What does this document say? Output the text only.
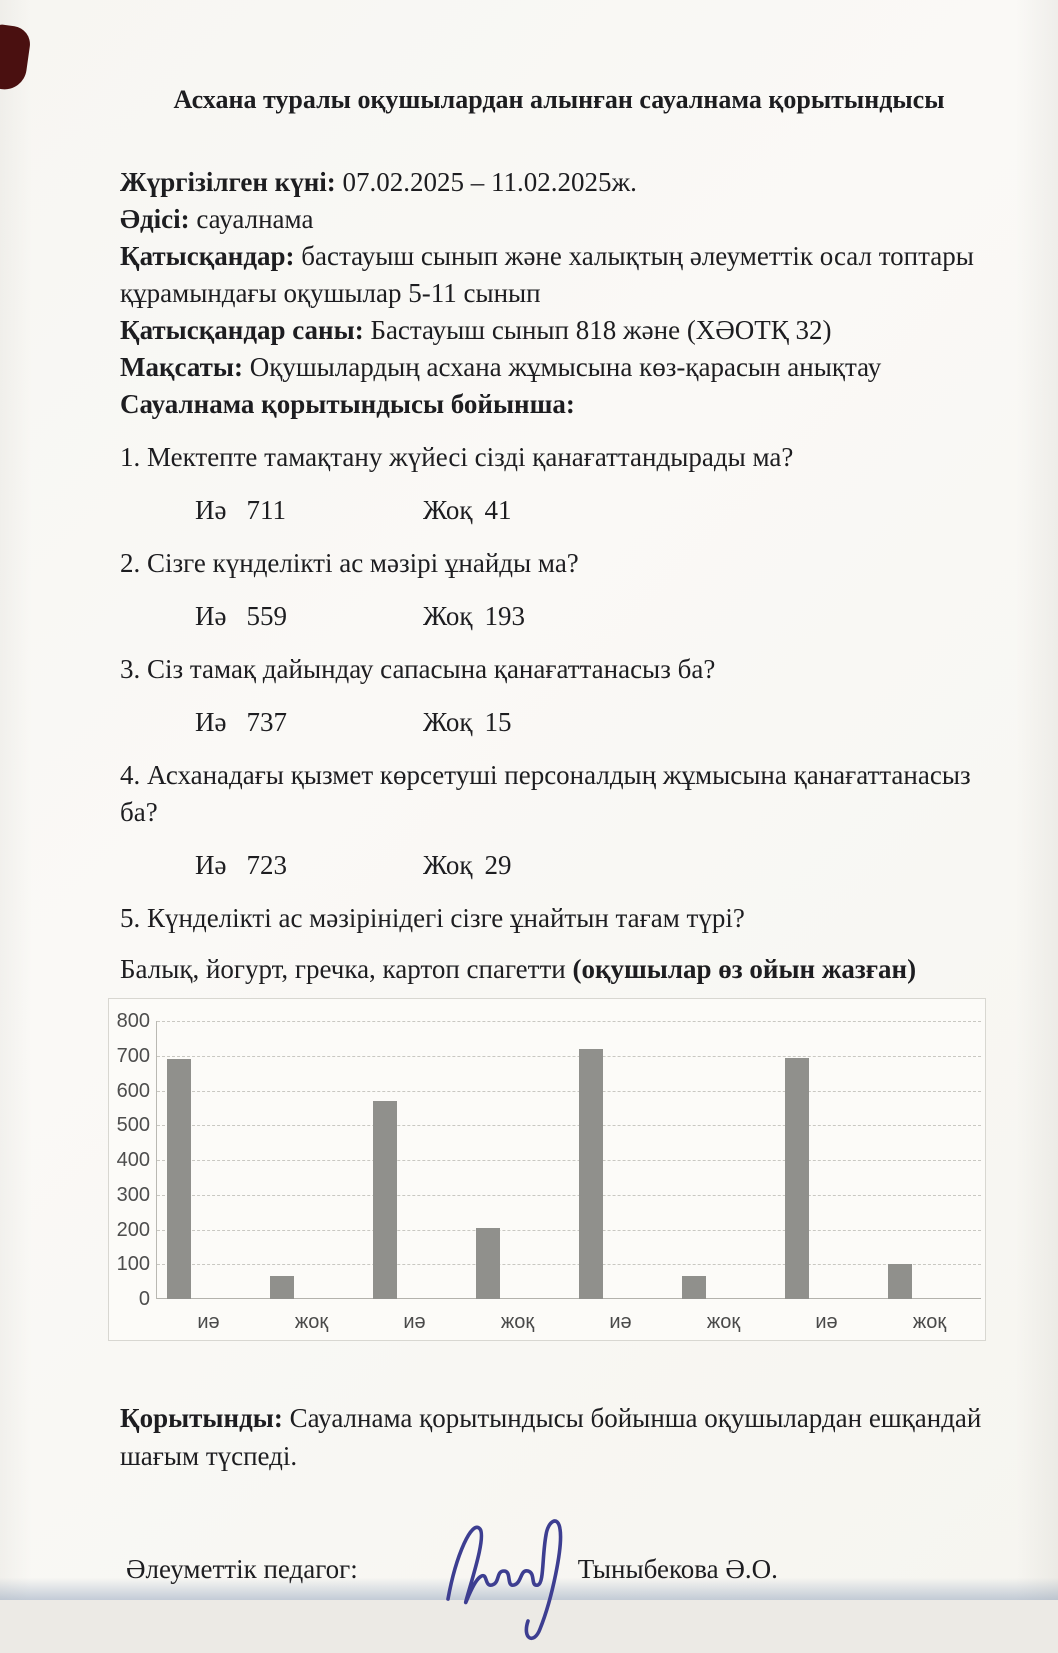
Асхана туралы оқушылардан алынған сауалнама қорытындысы

Жүргізілген күні: 07.02.2025 – 11.02.2025ж.

Әдісі: сауалнама

Қатысқандар: бастауыш сынып және халықтың әлеуметтік осал топтары құрамындағы оқушылар 5-11 сынып

Қатысқандар саны: Бастауыш сынып 818 және (ХӘОТҚ 32)

Мақсаты: Оқушылардың асхана жұмысына көз-қарасын анықтау

Сауалнама қорытындысы бойынша:

1. Мектепте тамақтану жүйесі сізді қанағаттандырады ма?

Иә 711	Жоқ 41

2. Сізге күнделікті ас мәзірі ұнайды ма?

Иә 559	Жоқ 193

3. Сіз тамақ дайындау сапасына қанағаттанасыз ба?

Иә 737	Жоқ 15

4. Асханадағы қызмет көрсетуші персоналдың жұмысына қанағаттанасыз ба?

Иә 723	Жоқ 29

5. Күнделікті ас мәзірінідегі сізге ұнайтын тағам түрі?

Балық, йогурт, гречка, картоп спагетти (оқушылар өз ойын жазған)

0
100
200
300
400
500
600
700
800
иә	жоқ	иә	жоқ	иә	жоқ	иә	жоқ

Қорытынды: Сауалнама қорытындысы бойынша оқушылардан ешқандай шағым түспеді.

Әлеуметтік педагог:	Тыныбекова Ә.О.
